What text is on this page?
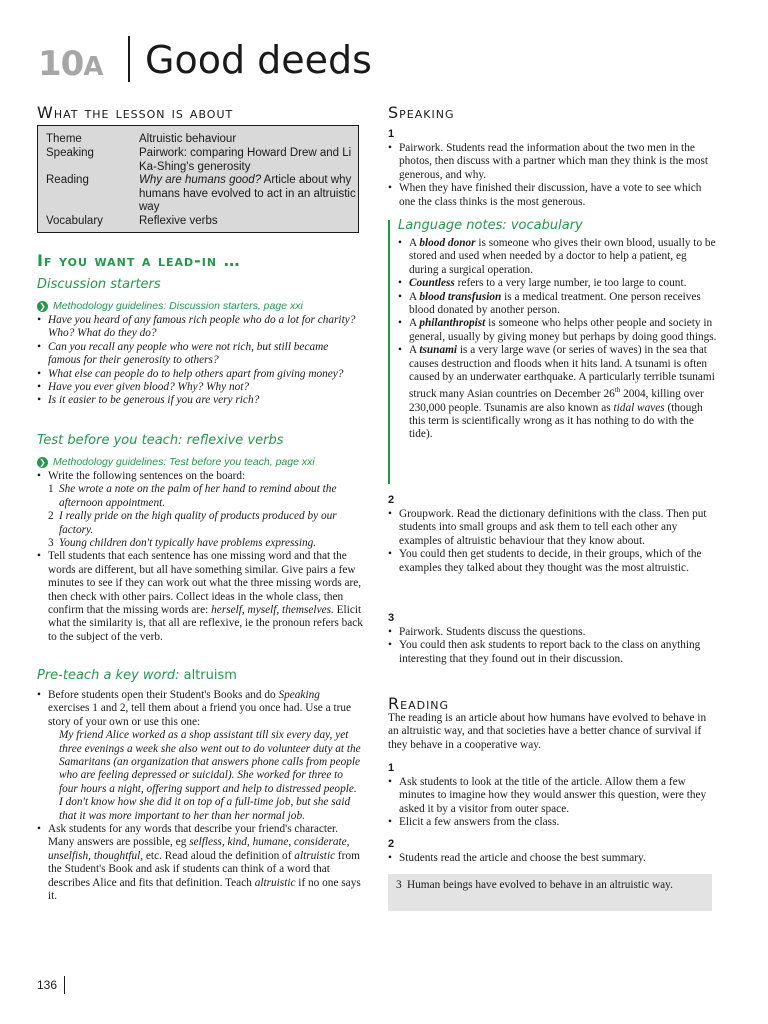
10A Good deeds
What the lesson is about
Theme	Altruistic behaviour
Speaking	Pairwork: comparing Howard Drew and Li Ka-Shing's generosity
Reading	Why are humans good? Article about why humans have evolved to act in an altruistic way
Vocabulary	Reflexive verbs
If you want a lead-in …
Discussion starters
❯ Methodology guidelines: Discussion starters, page xxi
• Have you heard of any famous rich people who do a lot for charity? Who? What do they do?
• Can you recall any people who were not rich, but still became famous for their generosity to others?
• What else can people do to help others apart from giving money?
• Have you ever given blood? Why? Why not?
• Is it easier to be generous if you are very rich?
Test before you teach: reflexive verbs
❯ Methodology guidelines: Test before you teach, page xxi
• Write the following sentences on the board:
1 She wrote a note on the palm of her hand to remind about the afternoon appointment.
2 I really pride on the high quality of products produced by our factory.
3 Young children don't typically have problems expressing.
• Tell students that each sentence has one missing word and that the words are different, but all have something similar. Give pairs a few minutes to see if they can work out what the three missing words are, then check with other pairs. Collect ideas in the whole class, then confirm that the missing words are: herself, myself, themselves. Elicit what the similarity is, that all are reflexive, ie the pronoun refers back to the subject of the verb.
Pre-teach a key word: altruism
• Before students open their Student's Books and do Speaking exercises 1 and 2, tell them about a friend you once had. Use a true story of your own or use this one:
My friend Alice worked as a shop assistant till six every day, yet three evenings a week she also went out to do volunteer duty at the Samaritans (an organization that answers phone calls from people who are feeling depressed or suicidal). She worked for three to four hours a night, offering support and help to distressed people. I don't know how she did it on top of a full-time job, but she said that it was more important to her than her normal job.
• Ask students for any words that describe your friend's character. Many answers are possible, eg selfless, kind, humane, considerate, unselfish, thoughtful, etc. Read aloud the definition of altruistic from the Student's Book and ask if students can think of a word that describes Alice and fits that definition. Teach altruistic if no one says it.
Speaking
1
• Pairwork. Students read the information about the two men in the photos, then discuss with a partner which man they think is the most generous, and why.
• When they have finished their discussion, have a vote to see which one the class thinks is the most generous.
Language notes: vocabulary
• A blood donor is someone who gives their own blood, usually to be stored and used when needed by a doctor to help a patient, eg during a surgical operation.
• Countless refers to a very large number, ie too large to count.
• A blood transfusion is a medical treatment. One person receives blood donated by another person.
• A philanthropist is someone who helps other people and society in general, usually by giving money but perhaps by doing good things.
• A tsunami is a very large wave (or series of waves) in the sea that causes destruction and floods when it hits land. A tsunami is often caused by an underwater earthquake. A particularly terrible tsunami struck many Asian countries on December 26th 2004, killing over 230,000 people. Tsunamis are also known as tidal waves (though this term is scientifically wrong as it has nothing to do with the tide).
2
• Groupwork. Read the dictionary definitions with the class. Then put students into small groups and ask them to tell each other any examples of altruistic behaviour that they know about.
• You could then get students to decide, in their groups, which of the examples they talked about they thought was the most altruistic.
3
• Pairwork. Students discuss the questions.
• You could then ask students to report back to the class on anything interesting that they found out in their discussion.
Reading
The reading is an article about how humans have evolved to behave in an altruistic way, and that societies have a better chance of survival if they behave in a cooperative way.
1
• Ask students to look at the title of the article. Allow them a few minutes to imagine how they would answer this question, were they asked it by a visitor from outer space.
• Elicit a few answers from the class.
2
• Students read the article and choose the best summary.
3 Human beings have evolved to behave in an altruistic way.
136
